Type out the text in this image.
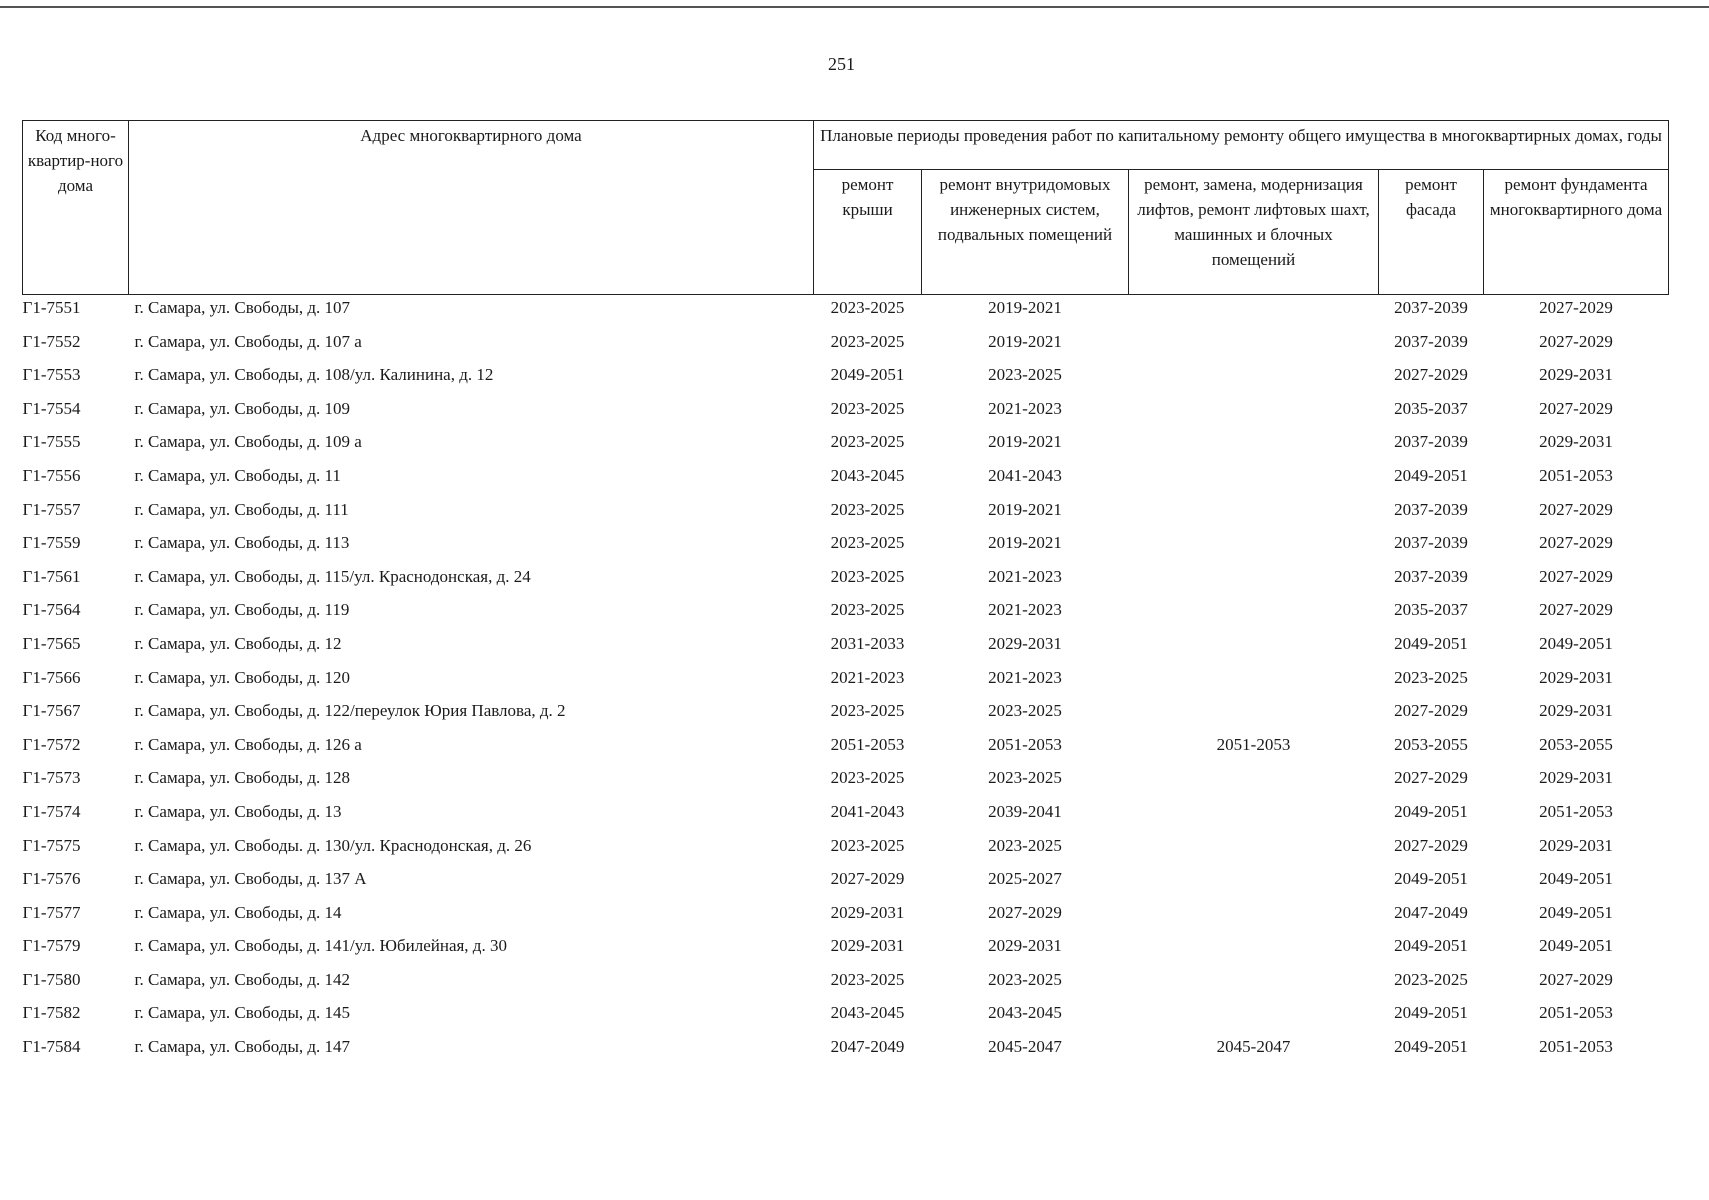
251
Код много-квартир-ного дома	Адрес многоквартирного дома	Плановые периоды проведения работ по капитальному ремонту общего имущества в многоквартирных домах, годы				
		ремонт крыши	ремонт внутридомовых инженерных систем, подвальных помещений	ремонт, замена, модернизация лифтов, ремонт лифтовых шахт, машинных и блочных помещений	ремонт фасада	ремонт фундамента многоквартирного дома
Г1-7551	г. Самара, ул. Свободы, д. 107	2023-2025	2019-2021		2037-2039	2027-2029
Г1-7552	г. Самара, ул. Свободы, д. 107 а	2023-2025	2019-2021		2037-2039	2027-2029
Г1-7553	г. Самара, ул. Свободы, д. 108/ул. Калинина, д. 12	2049-2051	2023-2025		2027-2029	2029-2031
Г1-7554	г. Самара, ул. Свободы, д. 109	2023-2025	2021-2023		2035-2037	2027-2029
Г1-7555	г. Самара, ул. Свободы, д. 109 а	2023-2025	2019-2021		2037-2039	2029-2031
Г1-7556	г. Самара, ул. Свободы, д. 11	2043-2045	2041-2043		2049-2051	2051-2053
Г1-7557	г. Самара, ул. Свободы, д. 111	2023-2025	2019-2021		2037-2039	2027-2029
Г1-7559	г. Самара, ул. Свободы, д. 113	2023-2025	2019-2021		2037-2039	2027-2029
Г1-7561	г. Самара, ул. Свободы, д. 115/ул. Краснодонская, д. 24	2023-2025	2021-2023		2037-2039	2027-2029
Г1-7564	г. Самара, ул. Свободы, д. 119	2023-2025	2021-2023		2035-2037	2027-2029
Г1-7565	г. Самара, ул. Свободы, д. 12	2031-2033	2029-2031		2049-2051	2049-2051
Г1-7566	г. Самара, ул. Свободы, д. 120	2021-2023	2021-2023		2023-2025	2029-2031
Г1-7567	г. Самара, ул. Свободы, д. 122/переулок Юрия Павлова, д. 2	2023-2025	2023-2025		2027-2029	2029-2031
Г1-7572	г. Самара, ул. Свободы, д. 126 а	2051-2053	2051-2053	2051-2053	2053-2055	2053-2055
Г1-7573	г. Самара, ул. Свободы, д. 128	2023-2025	2023-2025		2027-2029	2029-2031
Г1-7574	г. Самара, ул. Свободы, д. 13	2041-2043	2039-2041		2049-2051	2051-2053
Г1-7575	г. Самара, ул. Свободы. д. 130/ул. Краснодонская, д. 26	2023-2025	2023-2025		2027-2029	2029-2031
Г1-7576	г. Самара, ул. Свободы, д. 137 А	2027-2029	2025-2027		2049-2051	2049-2051
Г1-7577	г. Самара, ул. Свободы, д. 14	2029-2031	2027-2029		2047-2049	2049-2051
Г1-7579	г. Самара, ул. Свободы, д. 141/ул. Юбилейная, д. 30	2029-2031	2029-2031		2049-2051	2049-2051
Г1-7580	г. Самара, ул. Свободы, д. 142	2023-2025	2023-2025		2023-2025	2027-2029
Г1-7582	г. Самара, ул. Свободы, д. 145	2043-2045	2043-2045		2049-2051	2051-2053
Г1-7584	г. Самара, ул. Свободы, д. 147	2047-2049	2045-2047	2045-2047	2049-2051	2051-2053
